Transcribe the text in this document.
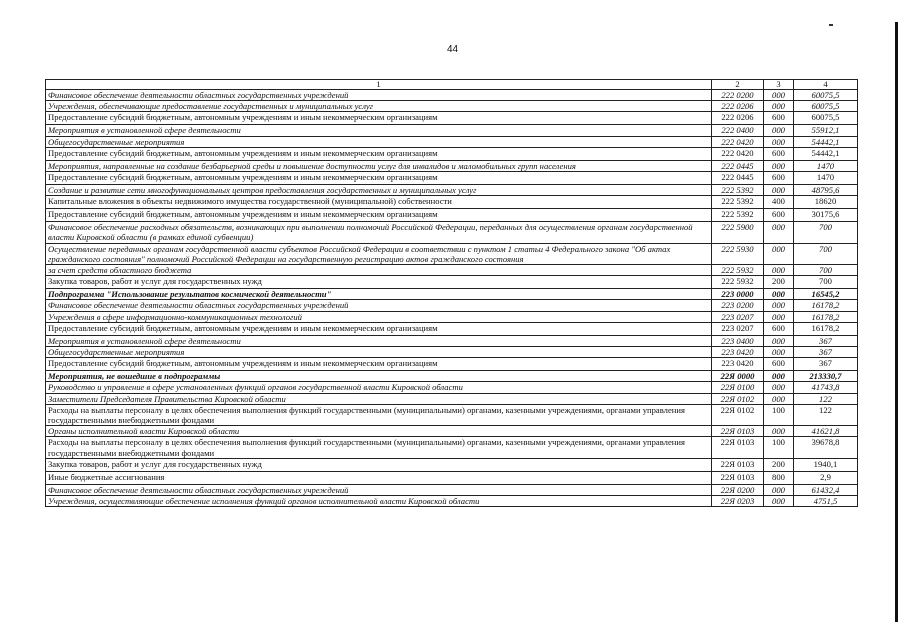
44
1	2	3	4
Финансовое обеспечение деятельности областных государственных учреждений	222 0200	000	60075,5
Учреждения, обеспечивающие предоставление государственных и муниципальных услуг	222 0206	000	60075,5
Предоставление субсидий бюджетным, автономным учреждениям и иным некоммерческим организациям	222 0206	600	60075,5
Мероприятия в установленной сфере деятельности	222 0400	000	55912,1
Общегосударственные мероприятия	222 0420	000	54442,1
Предоставление субсидий бюджетным, автономным учреждениям и иным некоммерческим организациям	222 0420	600	54442,1
Мероприятия, направленные на создание безбарьерной среды и повышение доступности услуг для инвалидов и маломобильных групп населения	222 0445	000	1470
Предоставление субсидий бюджетным, автономным учреждениям и иным некоммерческим организациям	222 0445	600	1470
Создание и развитие сети многофункциональных центров предоставления государственных и муниципальных услуг	222 5392	000	48795,6
Капитальные вложения в объекты недвижимого имущества государственной (муниципальной) собственности	222 5392	400	18620
Предоставление субсидий бюджетным, автономным учреждениям и иным некоммерческим организациям	222 5392	600	30175,6
Финансовое обеспечение расходных обязательств, возникающих при выполнении полномочий Российской Федерации, переданных для осуществления органам государственной власти Кировской области (в рамках единой субвенции)	222 5900	000	700
Осуществление переданных органам государственной власти субъектов Российской Федерации в соответствии с пунктом 1 статьи 4 Федерального закона "Об актах гражданского состояния" полномочий Российской Федерации на государственную регистрацию актов гражданского состояния	222 5930	000	700
за счет средств областного бюджета	222 5932	000	700
Закупка товаров, работ и услуг для государственных нужд	222 5932	200	700
Подпрограмма "Использование результатов космической деятельности"	223 0000	000	16545,2
Финансовое обеспечение деятельности областных государственных учреждений	223 0200	000	16178,2
Учреждения в сфере информационно-коммуникационных технологий	223 0207	000	16178,2
Предоставление субсидий бюджетным, автономным учреждениям и иным некоммерческим организациям	223 0207	600	16178,2
Мероприятия в установленной сфере деятельности	223 0400	000	367
Общегосударственные мероприятия	223 0420	000	367
Предоставление субсидий бюджетным, автономным учреждениям и иным некоммерческим организациям	223 0420	600	367
Мероприятия, не вошедшие в подпрограммы	22Я 0000	000	213330,7
Руководство и управление в сфере установленных функций органов государственной власти Кировской области	22Я 0100	000	41743,8
Заместители Председателя Правительства Кировской области	22Я 0102	000	122
Расходы на выплаты персоналу в целях обеспечения выполнения функций государственными (муниципальными) органами, казенными учреждениями, органами управления государственными внебюджетными фондами	22Я 0102	100	122
Органы исполнительной власти Кировской области	22Я 0103	000	41621,8
Расходы на выплаты персоналу в целях обеспечения выполнения функций государственными (муниципальными) органами, казенными учреждениями, органами управления государственными внебюджетными фондами	22Я 0103	100	39678,8
Закупка товаров, работ и услуг для государственных нужд	22Я 0103	200	1940,1
Иные бюджетные ассигнования	22Я 0103	800	2,9
Финансовое обеспечение деятельности областных государственных учреждений	22Я 0200	000	61432,4
Учреждения, осуществляющие обеспечение исполнения функций органов исполнительной власти Кировской области	22Я 0203	000	4751,5
